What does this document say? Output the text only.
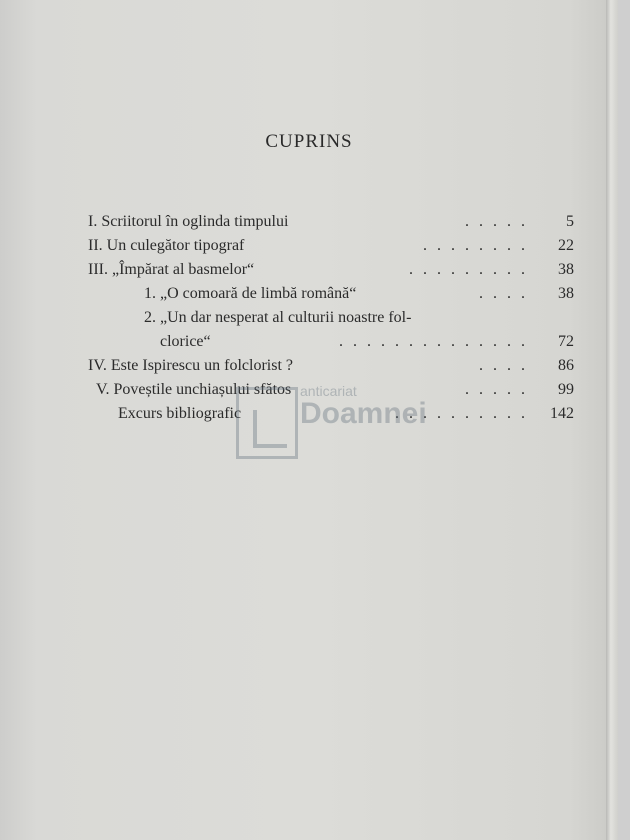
CUPRINS
I. Scriitorul în oglinda timpului	. . . . . 5
II. Un culegător tipograf	. . . . . . . . 22
III. „Împărat al basmelor“	. . . . . . . . . 38
1. „O comoară de limbă română“	. . . . 38
2. „Un dar nesperat al culturii noastre fol-
clorice“	. . . . . . . . . . . . . . 72
IV. Este Ispirescu un folclorist ?	. . . . 86
V. Poveștile unchiașului sfătos	. . . . . 99
Excurs bibliografic	. . . . . . . . . . 142
anticariat
Doamnei
